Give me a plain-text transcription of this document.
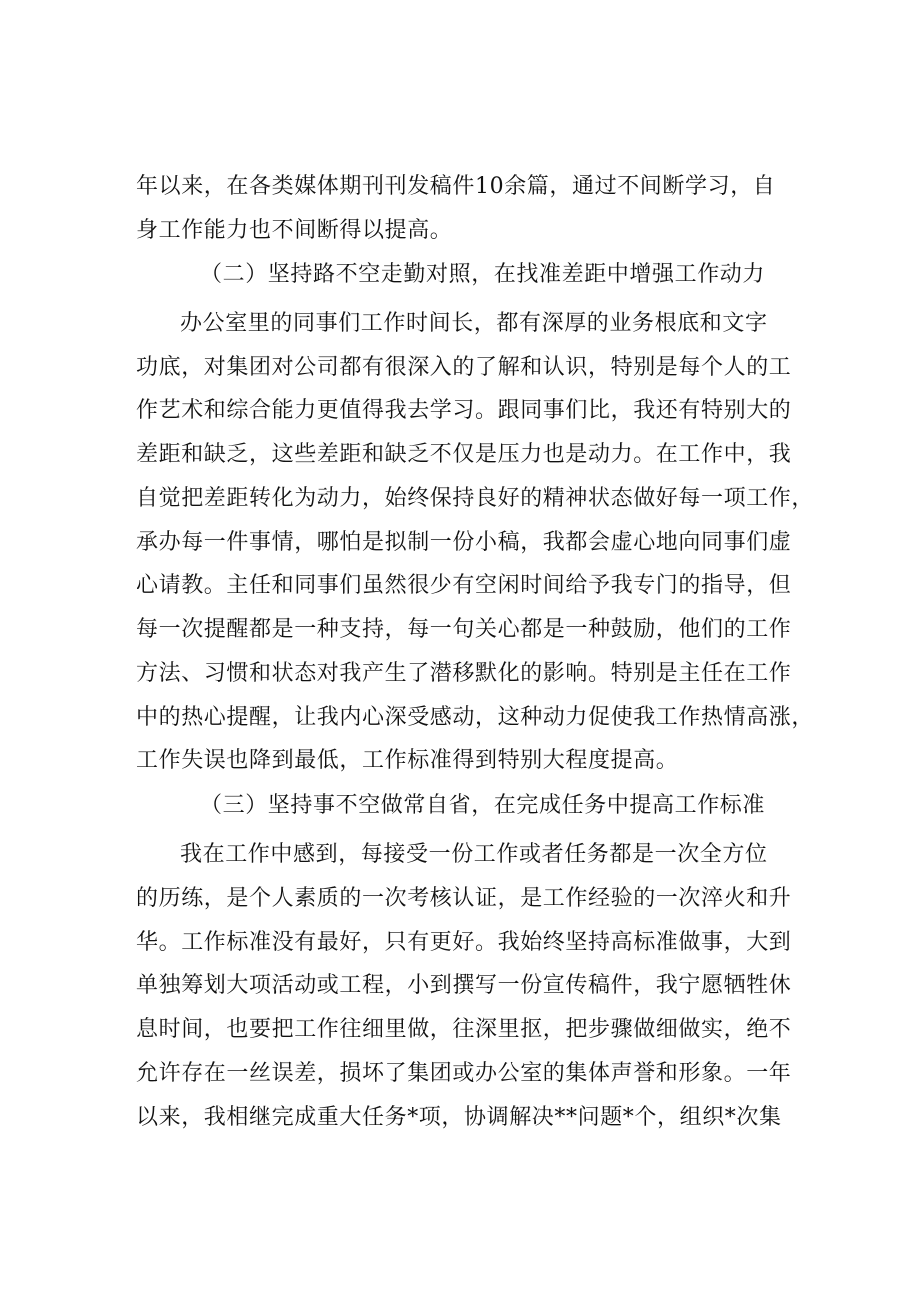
年以来，在各类媒体期刊刊发稿件10余篇，通过不间断学习，自
身工作能力也不间断得以提高。
（二）坚持路不空走勤对照，在找准差距中增强工作动力
办公室里的同事们工作时间长，都有深厚的业务根底和文字
功底，对集团对公司都有很深入的了解和认识，特别是每个人的工
作艺术和综合能力更值得我去学习。跟同事们比，我还有特别大的
差距和缺乏，这些差距和缺乏不仅是压力也是动力。在工作中，我
自觉把差距转化为动力，始终保持良好的精神状态做好每一项工作，
承办每一件事情，哪怕是拟制一份小稿，我都会虚心地向同事们虚
心请教。主任和同事们虽然很少有空闲时间给予我专门的指导，但
每一次提醒都是一种支持，每一句关心都是一种鼓励，他们的工作
方法、习惯和状态对我产生了潜移默化的影响。特别是主任在工作
中的热心提醒，让我内心深受感动，这种动力促使我工作热情高涨，
工作失误也降到最低，工作标准得到特别大程度提高。
（三）坚持事不空做常自省，在完成任务中提高工作标准
我在工作中感到，每接受一份工作或者任务都是一次全方位
的历练，是个人素质的一次考核认证，是工作经验的一次淬火和升
华。工作标准没有最好，只有更好。我始终坚持高标准做事，大到
单独筹划大项活动或工程，小到撰写一份宣传稿件，我宁愿牺牲休
息时间，也要把工作往细里做，往深里抠，把步骤做细做实，绝不
允许存在一丝误差，损坏了集团或办公室的集体声誉和形象。一年
以来，我相继完成重大任务*项，协调解决**问题*个，组织*次集
